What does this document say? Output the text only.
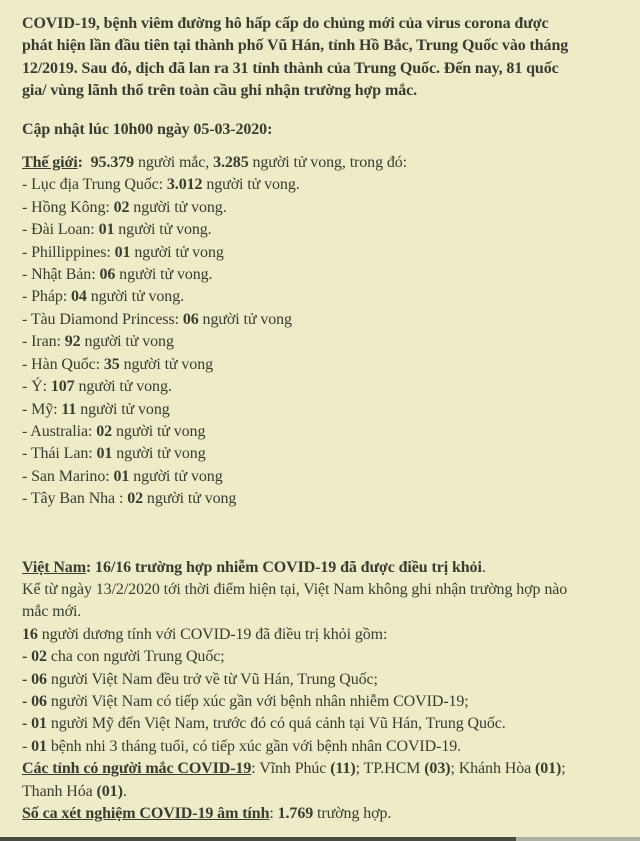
COVID-19, bệnh viêm đường hô hấp cấp do chủng mới của virus corona được
phát hiện lần đầu tiên tại thành phố Vũ Hán, tỉnh Hồ Bắc, Trung Quốc vào tháng
12/2019. Sau đó, dịch đã lan ra 31 tỉnh thành của Trung Quốc. Đến nay, 81 quốc
gia/ vùng lãnh thổ trên toàn cầu ghi nhận trường hợp mắc.
Cập nhật lúc 10h00 ngày 05-03-2020:
Thế giới:  95.379 người mắc, 3.285 người tử vong, trong đó:
- Lục địa Trung Quốc: 3.012 người tử vong.
- Hồng Kông: 02 người tử vong.
- Đài Loan: 01 người tử vong.
- Phillippines: 01 người tử vong
- Nhật Bản: 06 người tử vong.
- Pháp: 04 người tử vong.
- Tàu Diamond Princess: 06 người tử vong
- Iran: 92 người tử vong
- Hàn Quốc: 35 người tử vong
- Ý: 107 người tử vong.
- Mỹ: 11 người tử vong
- Australia: 02 người tử vong
- Thái Lan: 01 người tử vong
- San Marino: 01 người tử vong
- Tây Ban Nha : 02 người tử vong
Việt Nam: 16/16 trường hợp nhiễm COVID-19 đã được điều trị khỏi.
Kể từ ngày 13/2/2020 tới thời điểm hiện tại, Việt Nam không ghi nhận trường hợp nào
mắc mới.
16 người dương tính với COVID-19 đã điều trị khỏi gồm:
- 02 cha con người Trung Quốc;
- 06 người Việt Nam đều trở về từ Vũ Hán, Trung Quốc;
- 06 người Việt Nam có tiếp xúc gần với bệnh nhân nhiễm COVID-19;
- 01 người Mỹ đến Việt Nam, trước đó có quá cảnh tại Vũ Hán, Trung Quốc.
- 01 bệnh nhi 3 tháng tuổi, có tiếp xúc gần với bệnh nhân COVID-19.
Các tỉnh có người mắc COVID-19: Vĩnh Phúc (11); TP.HCM (03); Khánh Hòa (01);
Thanh Hóa (01).
Số ca xét nghiệm COVID-19 âm tính: 1.769 trường hợp.
